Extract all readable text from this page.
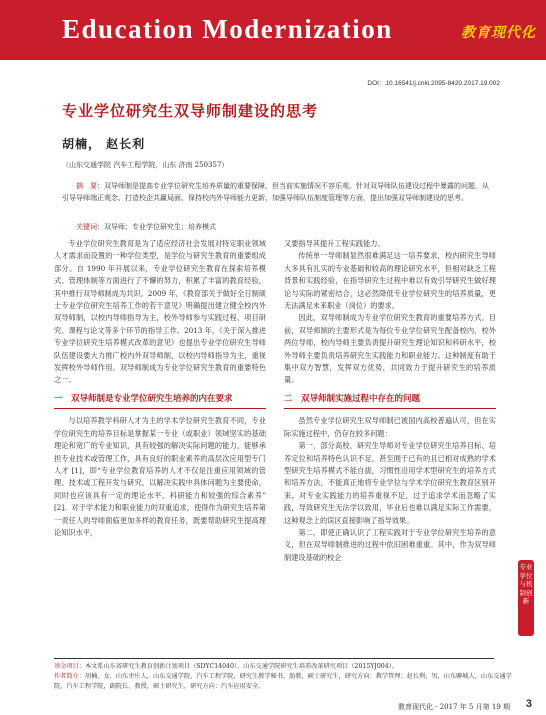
Education Modernization	教育现代化
DOI：10.16541/j.cnki.2095-8420.2017.19.002
专业学位研究生双导师制建设的思考
胡楠， 赵长利
（山东交通学院 汽车工程学院，山东 济南 250357）
摘　要：双导师制是提高专业学位研究生培养质量的重要保障，但当前实施情况不容乐观。针对双导师队伍建设过程中暴露的问题，从引导导师端正观念、打造校企共赢局面、保持校内外导师能力更新、加强导师队伍制度管理等方面，提出加强双导师制建设的思考。
关键词：双导师；专业学位研究生；培养模式

专业学位研究生教育是为了适应经济社会发展对特定职业领域人才需求而设置的一种学位类型，是学位与研究生教育的重要组成部分。自 1990 年开展以来，专业学位研究生教育在探索培养模式、管理体制等方面进行了不懈的努力，积累了丰富的教育经验，其中推行双导师制成为共识。2009 年，《教育部关于做好全日制硕士专业学位研究生培养工作的若干意见》明确提出建立健全校内外双导师制，以校内导师指导为主，校外导师参与实践过程、项目研究、课程与论文等多个环节的指导工作。2013 年，《关于深入推进专业学位研究生培养模式改革的意见》也提出专业学位研究生导师队伍建设要大力推广校内外双导师制，以校内导师指导为主，重视发挥校外导师作用。双导师制成为专业学位研究生教育的重要特色之一。

一　双导师制是专业学位研究生培养的内在要求

与以培养教学科研人才为主的学术学位研究生教育不同，专业学位研究生的培养目标是掌握某一专业（或职业）领域坚实的基础理论和宽广的专业知识，具有较强的解决实际问题的能力，能够承担专业技术或管理工作，具有良好的职业素养的高层次应用型专门人才 [1]，即“专业学位教育培养的人才不仅是注重应用领域的管理、技术或工程开发与研究，以解决实践中具体问题为主要使命，同时也应该具有一定的理论水平、科研能力和较强的综合素养” [2]。对于学术能力和职业能力的双重追求，使得作为研究生培养第一责任人的导师面临更加多样的教育任务，既要帮助研究生提高理论知识水平，

又要指导其提升工程实践能力。

传统单一导师制显然很难满足这一培养要求，校内研究生导师大多具有扎实的专业基础和较高的理论研究水平，但相对缺乏工程背景和实践经验，在指导研究生过程中难以有效引导研究生做好理论与实际的紧密结合，这必然降低专业学位研究生的培养质量，更无法满足未来职业（岗位）的要求。

因此，双导师制成为专业学位研究生教育的重要培养方式。目前，双导师制的主要形式是为每位专业学位研究生配备校内、校外两位导师，校内导师主要负责提升研究生理论知识和科研水平，校外导师主要负责培养研究生实践能力和职业能力。这种制度有助于集中双方智慧，发挥双方优势，共同致力于提升研究生的培养质量。

二　双导师制实施过程中存在的问题

虽然专业学位研究生双导师制已被国内高校普遍认可，但在实际实施过程中，仍存在较多问题：

第一，部分高校、研究生导师对专业学位研究生培养目标、培养定位和培养特色认识不足，甚至囿于已有的且已相对成熟的学术型研究生培养模式不能自拔，习惯性沿用学术型研究生的培养方式和培养方法，不能真正地将专业学位与学术学位研究生教育区别开来，对专业实践能力的培养重视不足，过于追求学术而忽略了实践，导致研究生无法学以致用，毕业后也难以满足实际工作需要，这种观念上的误区直接影响了指导效果。

第二，即使正确认识了工程实践对于专业学位研究生培养的意义，但在双导师制推进的过程中依旧困难重重。其中，作为双导师制建设基础的校企

专业学位与机制创新
基金项目：本文系山东省研究生教育创新计划项目（SDYC14040）、山东交通学院研究生培养改革研究项目（2015YJ004）。
作者简介：胡楠，女，山东枣庄人，山东交通学院，汽车工程学院，研究生教学秘书、助教，硕士研究生，研究方向：教学管理；赵长利，男，山东聊城人，山东交通学院，汽车工程学院，副院长、教授，硕士研究生，研究方向：汽车应用安全。
教育现代化 · 2017 年 5 月第 19 期 3
